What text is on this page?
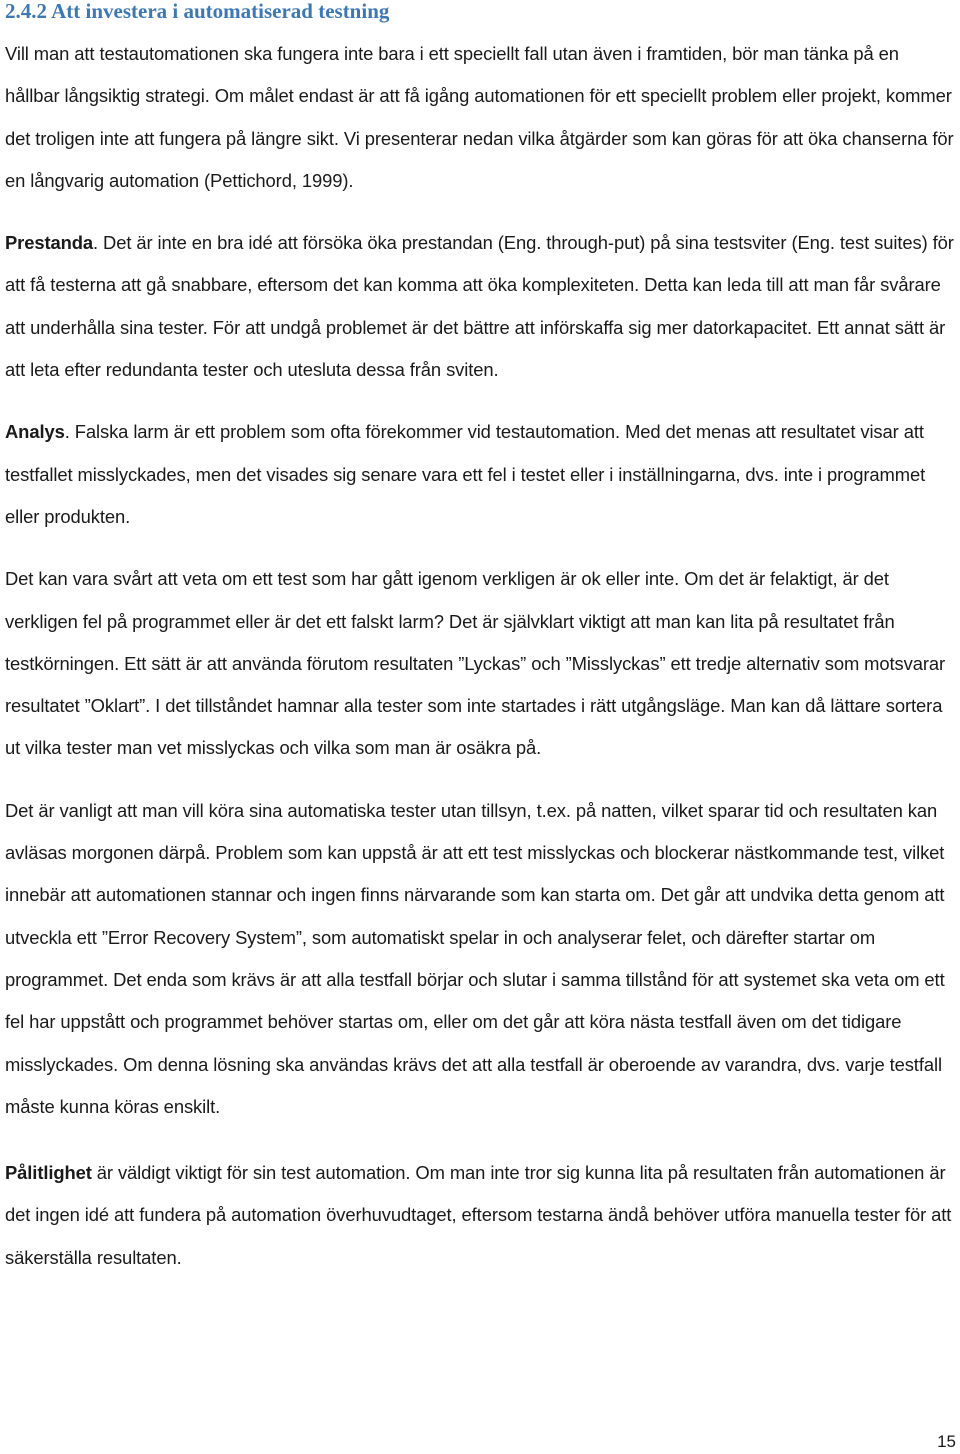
2.4.2 Att investera i automatiserad testning

Vill man att testautomationen ska fungera inte bara i ett speciellt fall utan även i framtiden, bör man tänka på en hållbar långsiktig strategi. Om målet endast är att få igång automationen för ett speciellt problem eller projekt, kommer det troligen inte att fungera på längre sikt. Vi presenterar nedan vilka åtgärder som kan göras för att öka chanserna för en långvarig automation (Pettichord, 1999).

Prestanda. Det är inte en bra idé att försöka öka prestandan (Eng. through-put) på sina testsviter (Eng. test suites) för att få testerna att gå snabbare, eftersom det kan komma att öka komplexiteten. Detta kan leda till att man får svårare att underhålla sina tester. För att undgå problemet är det bättre att införskaffa sig mer datorkapacitet. Ett annat sätt är att leta efter redundanta tester och utesluta dessa från sviten.

Analys. Falska larm är ett problem som ofta förekommer vid testautomation. Med det menas att resultatet visar att testfallet misslyckades, men det visades sig senare vara ett fel i testet eller i inställningarna, dvs. inte i programmet eller produkten.

Det kan vara svårt att veta om ett test som har gått igenom verkligen är ok eller inte. Om det är felaktigt, är det verkligen fel på programmet eller är det ett falskt larm? Det är självklart viktigt att man kan lita på resultatet från testkörningen. Ett sätt är att använda förutom resultaten ”Lyckas” och ”Misslyckas” ett tredje alternativ som motsvarar resultatet ”Oklart”. I det tillståndet hamnar alla tester som inte startades i rätt utgångsläge. Man kan då lättare sortera ut vilka tester man vet misslyckas och vilka som man är osäkra på.

Det är vanligt att man vill köra sina automatiska tester utan tillsyn, t.ex. på natten, vilket sparar tid och resultaten kan avläsas morgonen därpå. Problem som kan uppstå är att ett test misslyckas och blockerar nästkommande test, vilket innebär att automationen stannar och ingen finns närvarande som kan starta om. Det går att undvika detta genom att utveckla ett ”Error Recovery System”, som automatiskt spelar in och analyserar felet, och därefter startar om programmet. Det enda som krävs är att alla testfall börjar och slutar i samma tillstånd för att systemet ska veta om ett fel har uppstått och programmet behöver startas om, eller om det går att köra nästa testfall även om det tidigare misslyckades. Om denna lösning ska användas krävs det att alla testfall är oberoende av varandra, dvs. varje testfall måste kunna köras enskilt.

Pålitlighet är väldigt viktigt för sin test automation. Om man inte tror sig kunna lita på resultaten från automationen är det ingen idé att fundera på automation överhuvudtaget, eftersom testarna ändå behöver utföra manuella tester för att säkerställa resultaten.

15
